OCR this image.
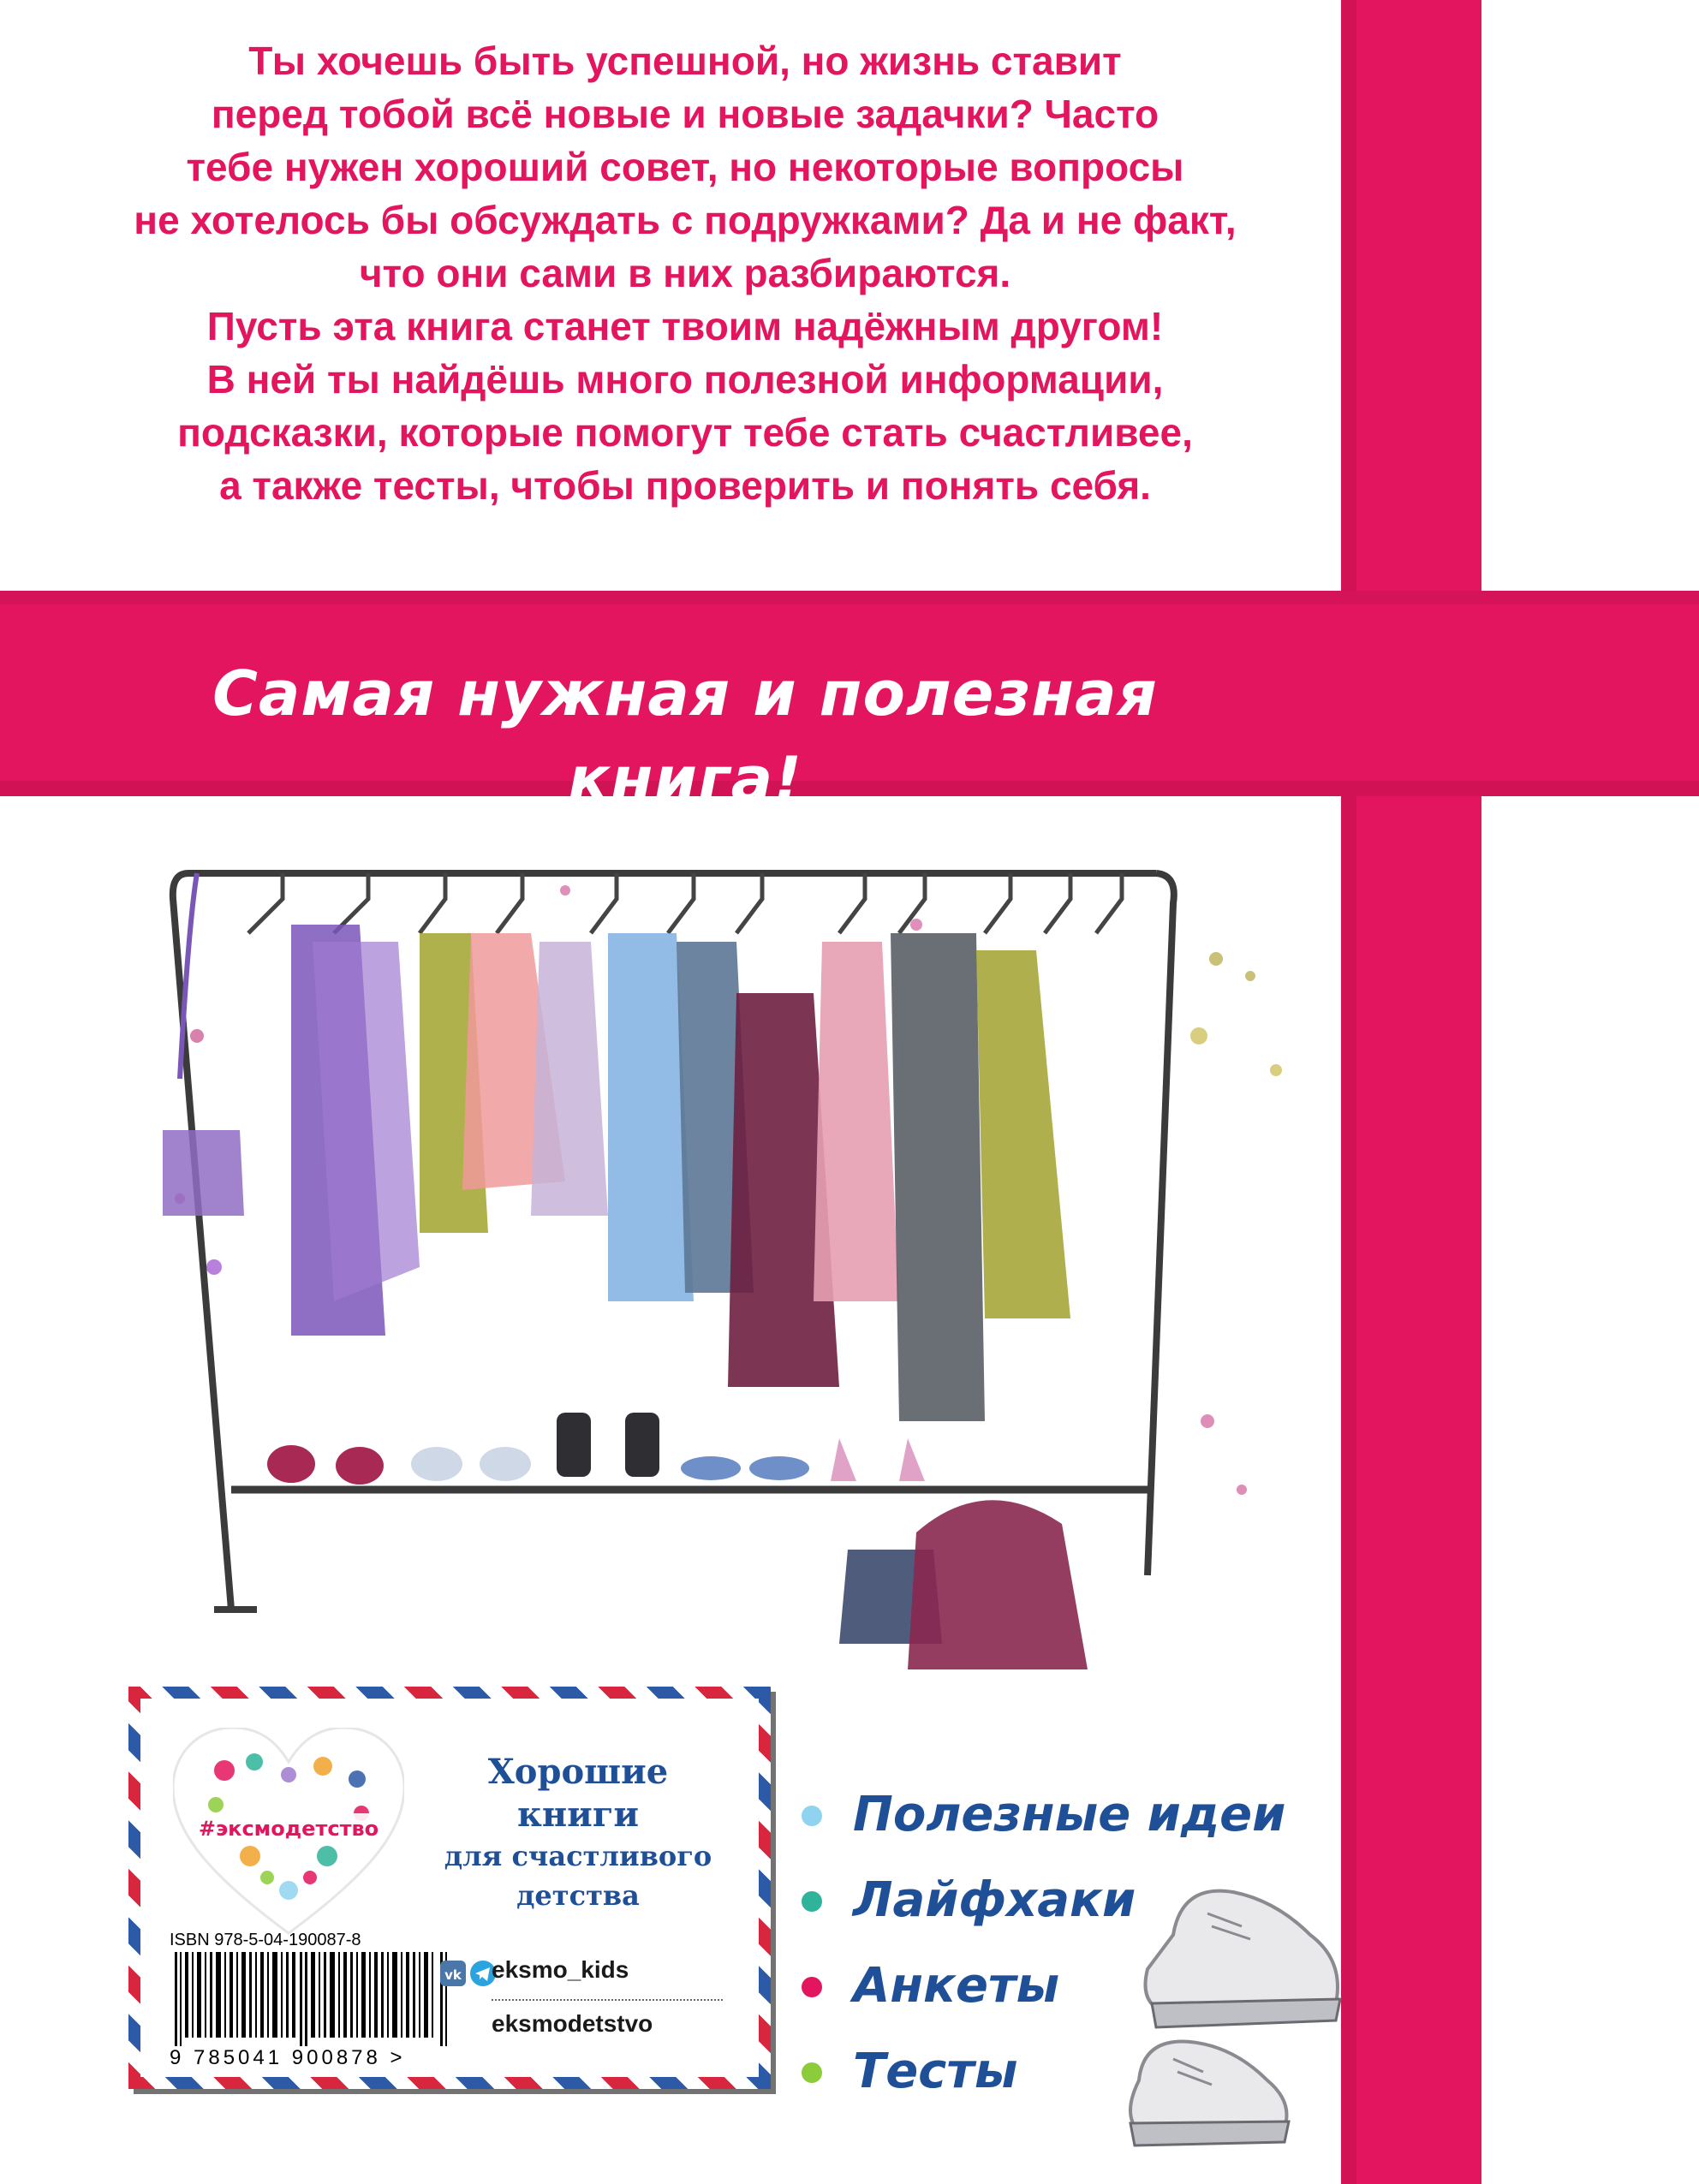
Ты хочешь быть успешной, но жизнь ставит

перед тобой всё новые и новые задачки? Часто

тебе нужен хороший совет, но некоторые вопросы

не хотелось бы обсуждать с подружками? Да и не факт,

что они сами в них разбираются.

Пусть эта книга станет твоим надёжным другом!

В ней ты найдёшь много полезной информации,

подсказки, которые помогут тебе стать счастливее,

а также тесты, чтобы проверить и понять себя.

Самая нужная и полезная книга!
#эксмодетство
Хорошие
книги
для счастливого
детства
ISBN 978-5-04-190087-8
9 785041 900878 >
vk eksmo_kids
eksmodetstvo
Полезные идеи
Лайфхаки
Анкеты
Тесты
